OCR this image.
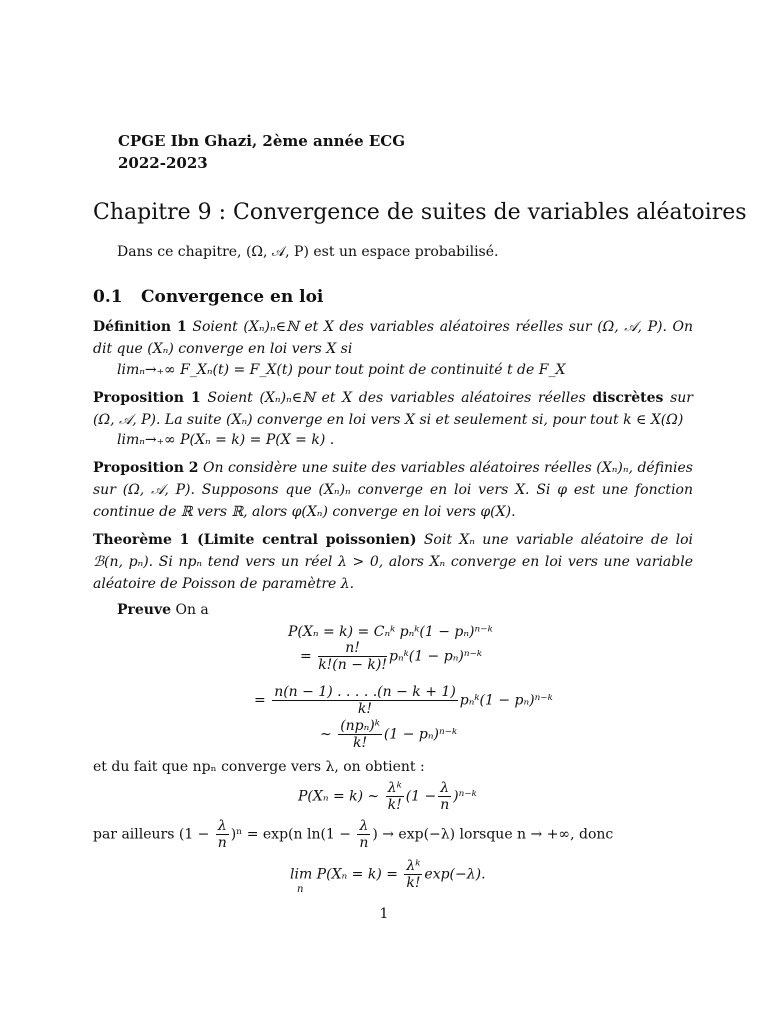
CPGE Ibn Ghazi, 2ème année ECG
2022-2023
Chapitre 9 : Convergence de suites de variables aléatoires
Dans ce chapitre, (Ω, 𝒜, P) est un espace probabilisé.
0.1 Convergence en loi
Définition 1 Soient (Xₙ)ₙ∈ℕ et X des variables aléatoires réelles sur (Ω, 𝒜, P). On dit que (Xₙ) converge en loi vers X si
limₙ→₊∞ F_Xₙ(t) = F_X(t) pour tout point de continuité t de F_X
Proposition 1 Soient (Xₙ)ₙ∈ℕ et X des variables aléatoires réelles discrètes sur (Ω, 𝒜, P). La suite (Xₙ) converge en loi vers X si et seulement si, pour tout k ∈ X(Ω)
limₙ→₊∞ P(Xₙ = k) = P(X = k) .
Proposition 2 On considère une suite des variables aléatoires réelles (Xₙ)ₙ, définies sur (Ω, 𝒜, P). Supposons que (Xₙ)ₙ converge en loi vers X. Si φ est une fonction continue de ℝ vers ℝ, alors φ(Xₙ) converge en loi vers φ(X).
Theorème 1 (Limite central poissonien) Soit Xₙ une variable aléatoire de loi ℬ(n, pₙ). Si npₙ tend vers un réel λ > 0, alors Xₙ converge en loi vers une variable aléatoire de Poisson de paramètre λ.
Preuve On a
P(Xₙ = k) = Cₙᵏ pₙᵏ(1 − pₙ)ⁿ⁻ᵏ
= $\frac{n!}{k!(n - k)!}$ pₙᵏ(1 − pₙ)ⁿ⁻ᵏ
= $\frac{n(n - 1) . . . . .(n - k + 1)}{k!}$ pₙᵏ(1 − pₙ)ⁿ⁻ᵏ
∼ $\frac{\text{(npₙ)ᵏ}}{k!} (1$ − pₙ)ⁿ⁻ᵏ
et du fait que npₙ converge vers λ, on obtient :
P(Xₙ = k) ∼ $\frac{\text{λᵏ}}{k!} (1 - \frac{\lambda}{n}$ )ⁿ⁻ᵏ
par ailleurs $(1 - \frac{\lambda}{n} )^n = \exp(n$ $\ln(1 - \frac{\lambda}{n}$ ) → exp(−λ) lorsque n → +∞, donc
$\lim P(X_n = k) = \frac{\text{λᵏ}}{k!} \exp(-\lambda)$.
n
1
